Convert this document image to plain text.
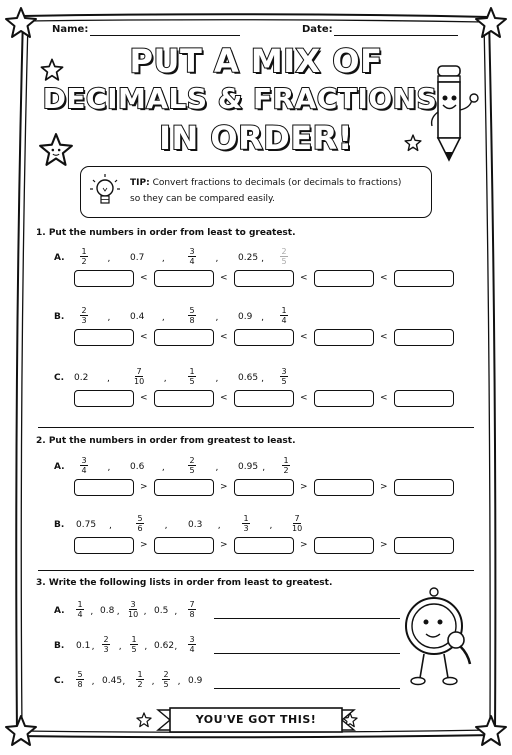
Name:	Date:
PUT A MIX OF
DECIMALS & FRACTIONS
IN ORDER!
TIP: Convert fractions to decimals (or decimals to fractions)
so they can be compared easily.
1. Put the numbers in order from least to greatest.
A. $\frac{1}{2}$ , 0.7 ,	$\frac{3}{4}$ , 0.25 , $\frac{2}{5}$
<	<	<	<
B. $\frac{2}{3}$ , 0.4 ,	$\frac{5}{8}$ , 0.9 , $\frac{1}{4}$
<	<	<	<
C. 0.2 ,	$\frac{7}{10}$ ,	$\frac{1}{5}$ , 0.65 , $\frac{3}{5}$
<	<	<	<
2. Put the numbers in order from greatest to least.
A. $\frac{3}{4}$ , 0.6 ,	$\frac{2}{5}$ , 0.95 , $\frac{1}{2}$
>	>	>	>
B. 0.75 ,	$\frac{5}{6}$ , 0.3 ,	$\frac{1}{3}$ , $\frac{7}{10}$
>	>	>	>
3. Write the following lists in order from least to greatest.
A. $\frac{1}{4}$ , 0.8 , $\frac{3}{10}$ , 0.5 , $\frac{7}{8}$
B. 0.1 , $\frac{2}{3}$ , $\frac{1}{5}$ , 0.62 , $\frac{3}{4}$
C. $\frac{5}{8}$ , 0.45 , $\frac{1}{2}$ , $\frac{2}{5}$ , 0.9
YOU'VE GOT THIS!
